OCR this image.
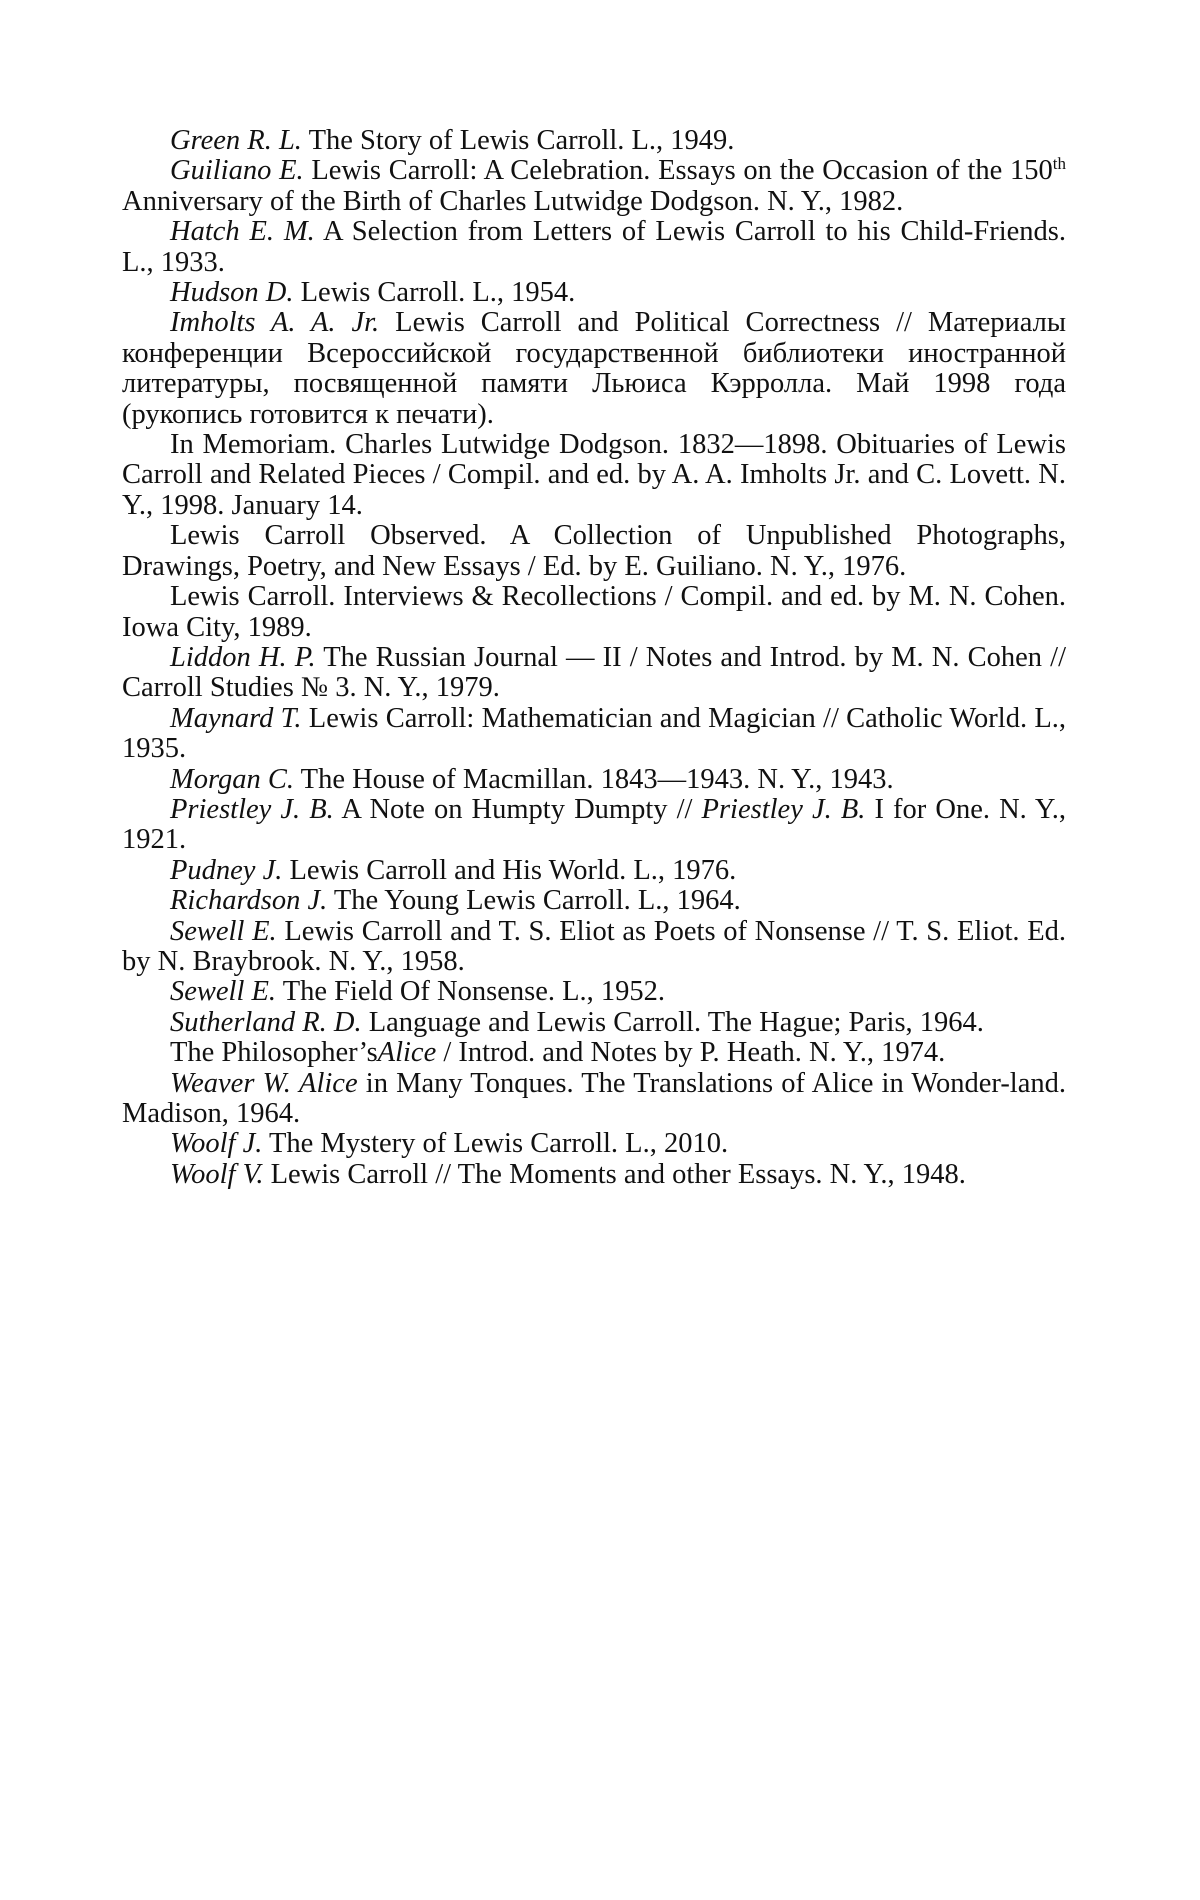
Green R. L. The Story of Lewis Carroll. L., 1949.

Guiliano E. Lewis Carroll: A Celebration. Essays on the Occasion of the 150th Anniversary of the Birth of Charles Lutwidge Dodgson. N. Y., 1982.

Hatch E. M. A Selection from Letters of Lewis Carroll to his Child-Friends. L., 1933.

Hudson D. Lewis Carroll. L., 1954.

Imholts A. A. Jr. Lewis Carroll and Political Correctness // Материалы конференции Всероссийской государственной библиотеки иностранной литературы, посвященной памяти Льюиса Кэрролла. Май 1998 года (рукопись готовится к печати).

In Memoriam. Charles Lutwidge Dodgson. 1832—1898. Obituaries of Lewis Carroll and Related Pieces / Compil. and ed. by A. A. Imholts Jr. and C. Lovett. N. Y., 1998. January 14.

Lewis Carroll Observed. A Collection of Unpublished Photographs, Drawings, Poetry, and New Essays / Ed. by E. Guiliano. N. Y., 1976.

Lewis Carroll. Interviews & Recollections / Compil. and ed. by M. N. Cohen. Iowa City, 1989.

Liddon H. P. The Russian Journal — II / Notes and Introd. by M. N. Cohen // Carroll Studies № 3. N. Y., 1979.

Maynard T. Lewis Carroll: Mathematician and Magician // Catholic World. L., 1935.

Morgan C. The House of Macmillan. 1843—1943. N. Y., 1943.

Priestley J. B. A Note on Humpty Dumpty // Priestley J. B. I for One. N. Y., 1921.

Pudney J. Lewis Carroll and His World. L., 1976.

Richardson J. The Young Lewis Carroll. L., 1964.

Sewell E. Lewis Carroll and T. S. Eliot as Poets of Nonsense // T. S. Eliot. Ed. by N. Braybrook. N. Y., 1958.

Sewell E. The Field Of Nonsense. L., 1952.

Sutherland R. D. Language and Lewis Carroll. The Hague; Paris, 1964.

The Philosopher’sAlice / Introd. and Notes by P. Heath. N. Y., 1974.

Weaver W. Alice in Many Tonques. The Translations of Alice in Wonder-land. Madison, 1964.

Woolf J. The Mystery of Lewis Carroll. L., 2010.

Woolf V. Lewis Carroll // The Moments and other Essays. N. Y., 1948.
